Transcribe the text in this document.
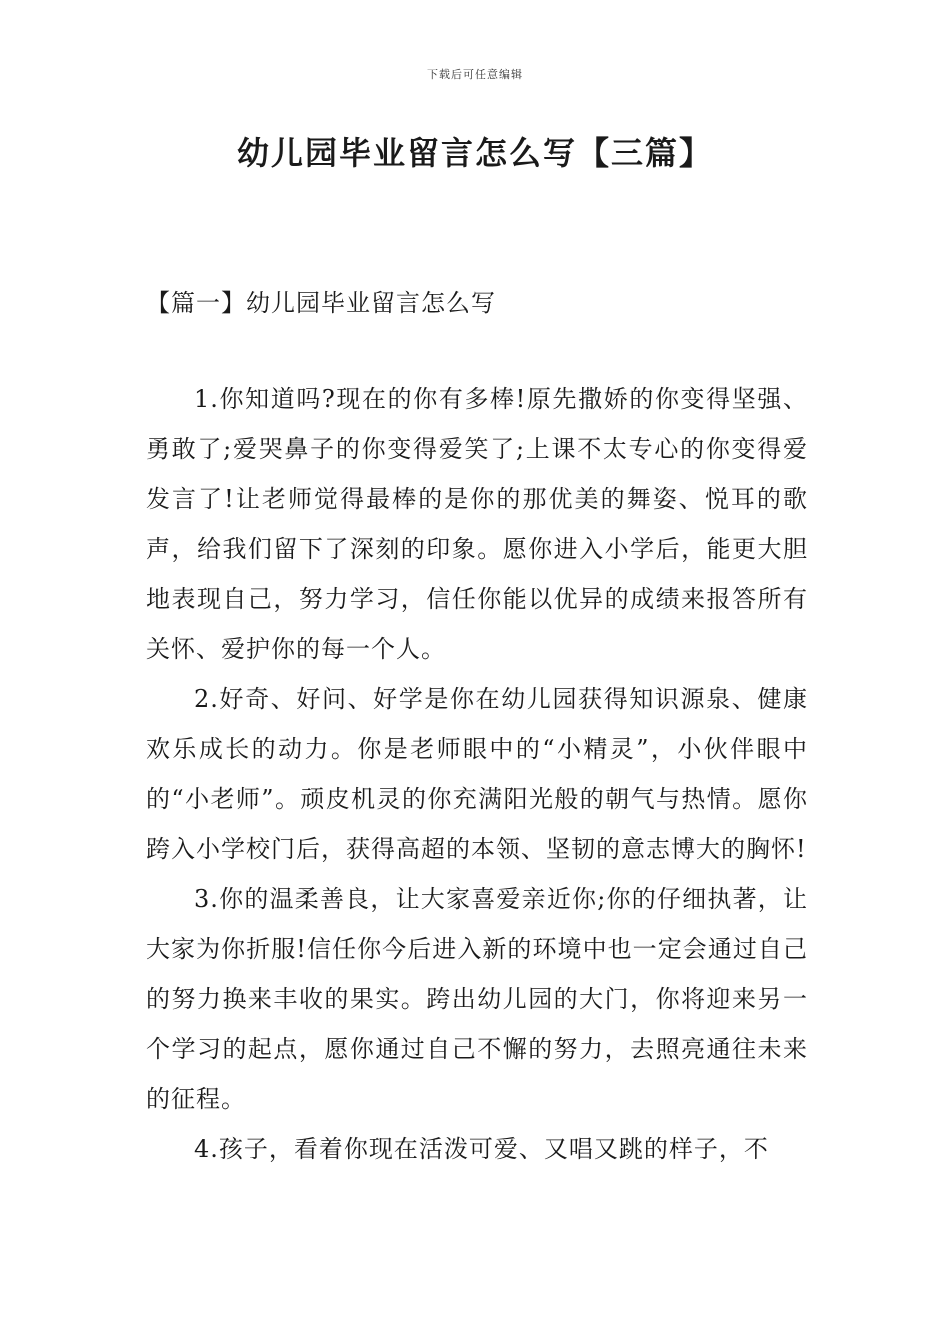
下载后可任意编辑
幼儿园毕业留言怎么写【三篇】
【篇一】幼儿园毕业留言怎么写

1.你知道吗?现在的你有多棒!原先撒娇的你变得坚强、勇敢了;爱哭鼻子的你变得爱笑了;上课不太专心的你变得爱发言了!让老师觉得最棒的是你的那优美的舞姿、悦耳的歌声，给我们留下了深刻的印象。愿你进入小学后，能更大胆地表现自己，努力学习，信任你能以优异的成绩来报答所有关怀、爱护你的每一个人。

2.好奇、好问、好学是你在幼儿园获得知识源泉、健康欢乐成长的动力。你是老师眼中的“小精灵”，小伙伴眼中的“小老师”。顽皮机灵的你充满阳光般的朝气与热情。愿你跨入小学校门后，获得高超的本领、坚韧的意志博大的胸怀!

3.你的温柔善良，让大家喜爱亲近你;你的仔细执著，让大家为你折服!信任你今后进入新的环境中也一定会通过自己的努力换来丰收的果实。跨出幼儿园的大门，你将迎来另一个学习的起点，愿你通过自己不懈的努力，去照亮通往未来的征程。

4.孩子，看着你现在活泼可爱、又唱又跳的样子，不
